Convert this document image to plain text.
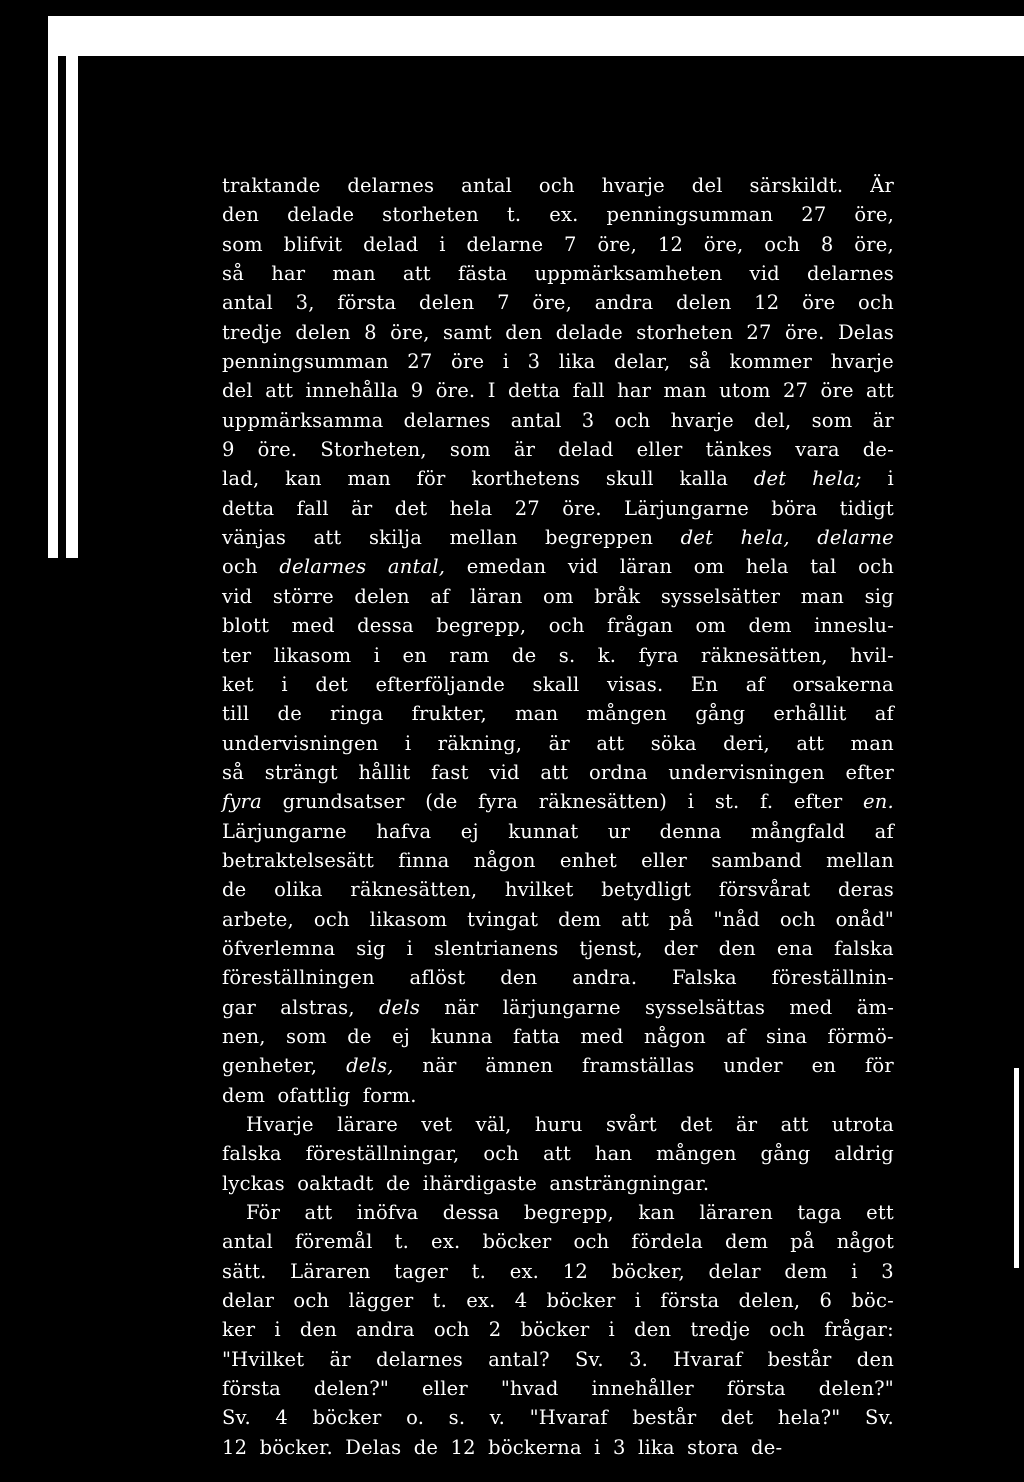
traktande delarnes antal och hvarje del särskildt. Är
den delade storheten t. ex. penningsumman 27 öre,
som blifvit delad i delarne 7 öre, 12 öre, och 8 öre,
så har man att fästa uppmärksamheten vid delarnes
antal 3, första delen 7 öre, andra delen 12 öre och
tredje delen 8 öre, samt den delade storheten 27 öre. Delas
penningsumman 27 öre i 3 lika delar, så kommer hvarje
del att innehålla 9 öre. I detta fall har man utom 27 öre att
uppmärksamma delarnes antal 3 och hvarje del, som är
9 öre. Storheten, som är delad eller tänkes vara de-
lad, kan man för korthetens skull kalla det hela; i
detta fall är det hela 27 öre. Lärjungarne böra tidigt
vänjas att skilja mellan begreppen det hela, delarne
och delarnes antal, emedan vid läran om hela tal och
vid större delen af läran om bråk sysselsätter man sig
blott med dessa begrepp, och frågan om dem inneslu-
ter likasom i en ram de s. k. fyra räknesätten, hvil-
ket i det efterföljande skall visas. En af orsakerna
till de ringa frukter, man mången gång erhållit af
undervisningen i räkning, är att söka deri, att man
så strängt hållit fast vid att ordna undervisningen efter
fyra grundsatser (de fyra räknesätten) i st. f. efter en.
Lärjungarne hafva ej kunnat ur denna mångfald af
betraktelsesätt finna någon enhet eller samband mellan
de olika räknesätten, hvilket betydligt försvårat deras
arbete, och likasom tvingat dem att på "nåd och onåd"
öfverlemna sig i slentrianens tjenst, der den ena falska
föreställningen aflöst den andra. Falska föreställnin-
gar alstras, dels när lärjungarne sysselsättas med äm-
nen, som de ej kunna fatta med någon af sina förmö-
genheter, dels, när ämnen framställas under en för
dem ofattlig form.
Hvarje lärare vet väl, huru svårt det är att utrota
falska föreställningar, och att han mången gång aldrig
lyckas oaktadt de ihärdigaste ansträngningar.
För att inöfva dessa begrepp, kan läraren taga ett
antal föremål t. ex. böcker och fördela dem på något
sätt. Läraren tager t. ex. 12 böcker, delar dem i 3
delar och lägger t. ex. 4 böcker i första delen, 6 böc-
ker i den andra och 2 böcker i den tredje och frågar:
"Hvilket är delarnes antal? Sv. 3. Hvaraf består den
första delen?" eller "hvad innehåller första delen?"
Sv. 4 böcker o. s. v. "Hvaraf består det hela?" Sv.
12 böcker. Delas de 12 böckerna i 3 lika stora de-
